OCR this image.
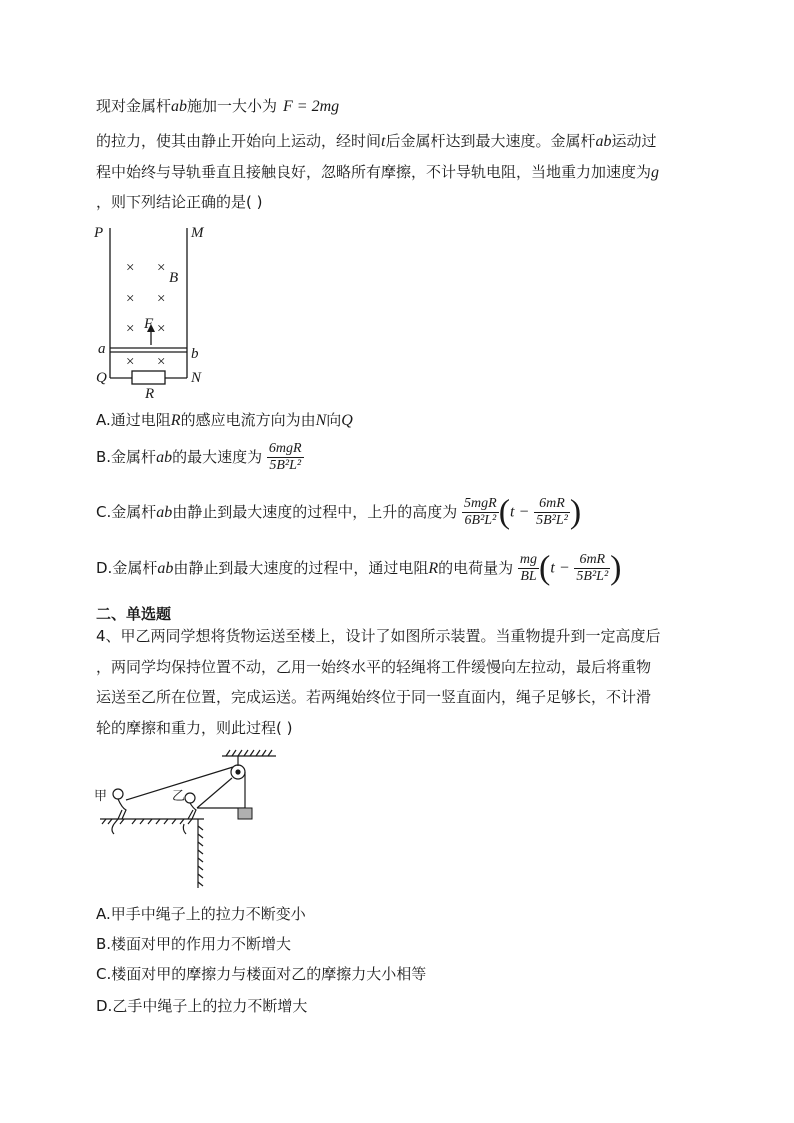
现对金属杆ab施加一大小为 F = 2mg
的拉力，使其由静止开始向上运动，经时间t后金属杆达到最大速度。金属杆ab运动过
程中始终与导轨垂直且接触良好，忽略所有摩擦，不计导轨电阻，当地重力加速度为g
，则下列结论正确的是( )
P	M
B
F
a	b
Q	N
R
× ×
× ×
× ×
× ×
A.通过电阻R的感应电流方向为由N向Q
B.金属杆ab的最大速度为 $\frac{\text{6mgR}}{\text{5B²L²}}$
C.金属杆ab由静止到最大速度的过程中，上升的高度为 $\frac{\text{5mgR}}{\text{6B²L²}} (t - \frac{6mR}{\text{5B²L²}}$ )
D.金属杆ab由静止到最大速度的过程中，通过电阻R的电荷量为 $\frac{mg}{BL} (t - \frac{6mR}{\text{5B²L²}}$ )
二、单选题
4、甲乙两同学想将货物运送至楼上，设计了如图所示装置。当重物提升到一定高度后
，两同学均保持位置不动，乙用一始终水平的轻绳将工件缓慢向左拉动，最后将重物
运送至乙所在位置，完成运送。若两绳始终位于同一竖直面内，绳子足够长，不计滑
轮的摩擦和重力，则此过程( )
甲	乙
A.甲手中绳子上的拉力不断变小
B.楼面对甲的作用力不断增大
C.楼面对甲的摩擦力与楼面对乙的摩擦力大小相等
D.乙手中绳子上的拉力不断增大
